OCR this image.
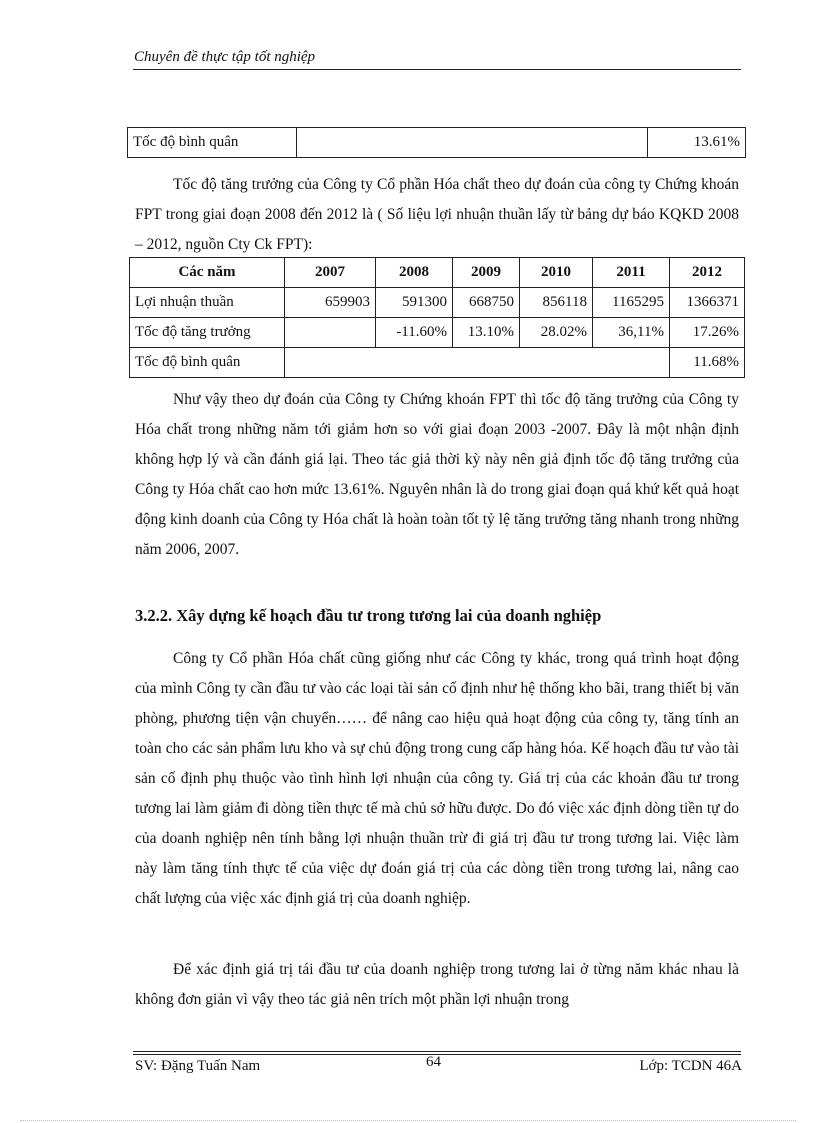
Chuyên đề thực tập tốt nghiệp
Tốc độ bình quân		13.61%

Tốc độ tăng trưởng của Công ty Cổ phần Hóa chất theo dự đoán của công ty Chứng khoán FPT trong giai đoạn 2008 đến 2012 là ( Số liệu lợi nhuận thuần lấy từ bảng dự báo KQKD 2008 – 2012, nguồn Cty Ck FPT):

Các năm	2007	2008	2009	2010	2011	2012
Lợi nhuận thuần	659903	591300	668750	856118	1165295	1366371
Tốc độ tăng trưởng		-11.60%	13.10%	28.02%	36,11%	17.26%
Tốc độ bình quân						11.68%

Như vậy theo dự đoán của Công ty Chứng khoán FPT thì tốc độ tăng trưởng của Công ty Hóa chất trong những năm tới giảm hơn so với giai đoạn 2003 -2007. Đây là một nhận định không hợp lý và cần đánh giá lại. Theo tác giả thời kỳ này nên giả định tốc độ tăng trưởng của Công ty Hóa chất cao hơn mức 13.61%. Nguyên nhân là do trong giai đoạn quá khứ kết quả hoạt động kinh doanh của Công ty Hóa chất là hoàn toàn tốt tỷ lệ tăng trưởng tăng nhanh trong những năm 2006, 2007.

3.2.2. Xây dựng kế hoạch đầu tư trong tương lai của doanh nghiệp

Công ty Cổ phần Hóa chất cũng giống như các Công ty khác, trong quá trình hoạt động của mình Công ty cần đầu tư vào các loại tài sản cố định như hệ thống kho bãi, trang thiết bị văn phòng, phương tiện vận chuyển…… để nâng cao hiệu quả hoạt động của công ty, tăng tính an toàn cho các sản phẩm lưu kho và sự chủ động trong cung cấp hàng hóa. Kế hoạch đầu tư vào tài sản cố định phụ thuộc vào tình hình lợi nhuận của công ty. Giá trị của các khoản đầu tư trong tương lai làm giảm đi dòng tiền thực tế mà chủ sở hữu được. Do đó việc xác định dòng tiền tự do của doanh nghiệp nên tính bằng lợi nhuận thuần trừ đi giá trị đầu tư trong tương lai. Việc làm này làm tăng tính thực tế của việc dự đoán giá trị của các dòng tiền trong tương lai, nâng cao chất lượng của việc xác định giá trị của doanh nghiệp.

Để xác định giá trị tái đầu tư của doanh nghiệp trong tương lai ở từng năm khác nhau là không đơn giản vì vậy theo tác giả nên trích một phần lợi nhuận trong

SV: Đặng Tuấn Nam	64	Lớp: TCDN 46A
